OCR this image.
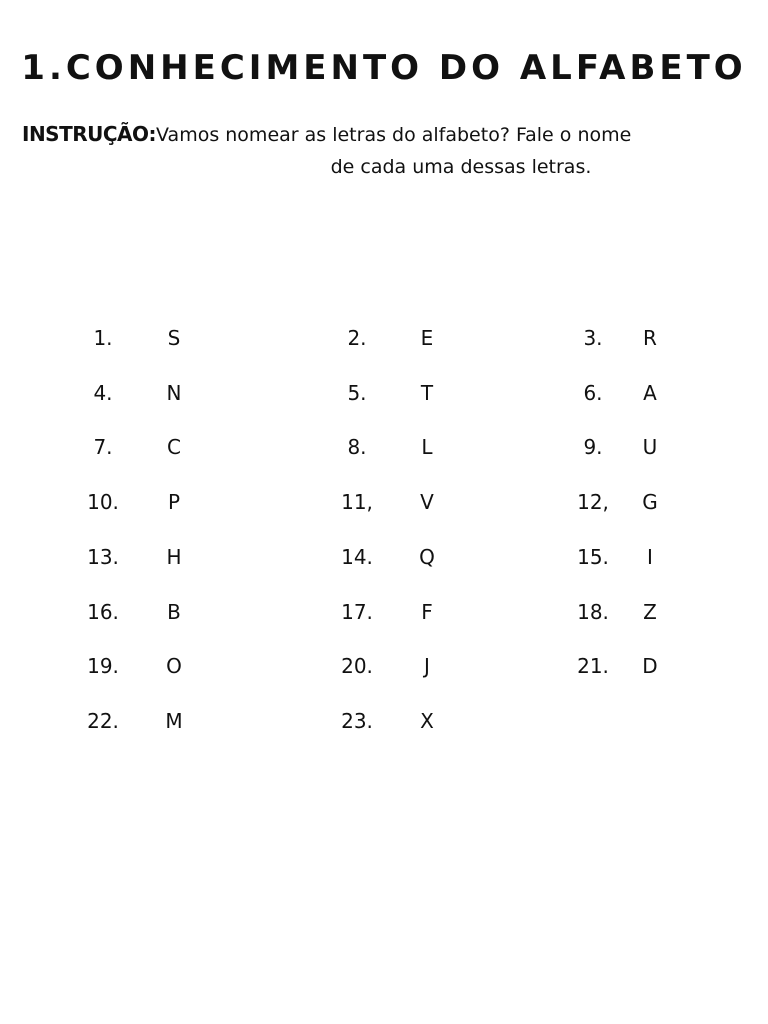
1.CONHECIMENTO DO ALFABETO
INSTRUÇÃO:Vamos nomear as letras do alfabeto? Fale o nome
de cada uma dessas letras.
1.	S	2.	E	3.	R
4.	N	5.	T	6.	A
7.	C	8.	L	9.	U
10.	P	11,	V	12,	G
13.	H	14.	Q	15.	I
16.	B	17.	F	18.	Z
19.	O	20.	J	21.	D
22.	M	23.	X
